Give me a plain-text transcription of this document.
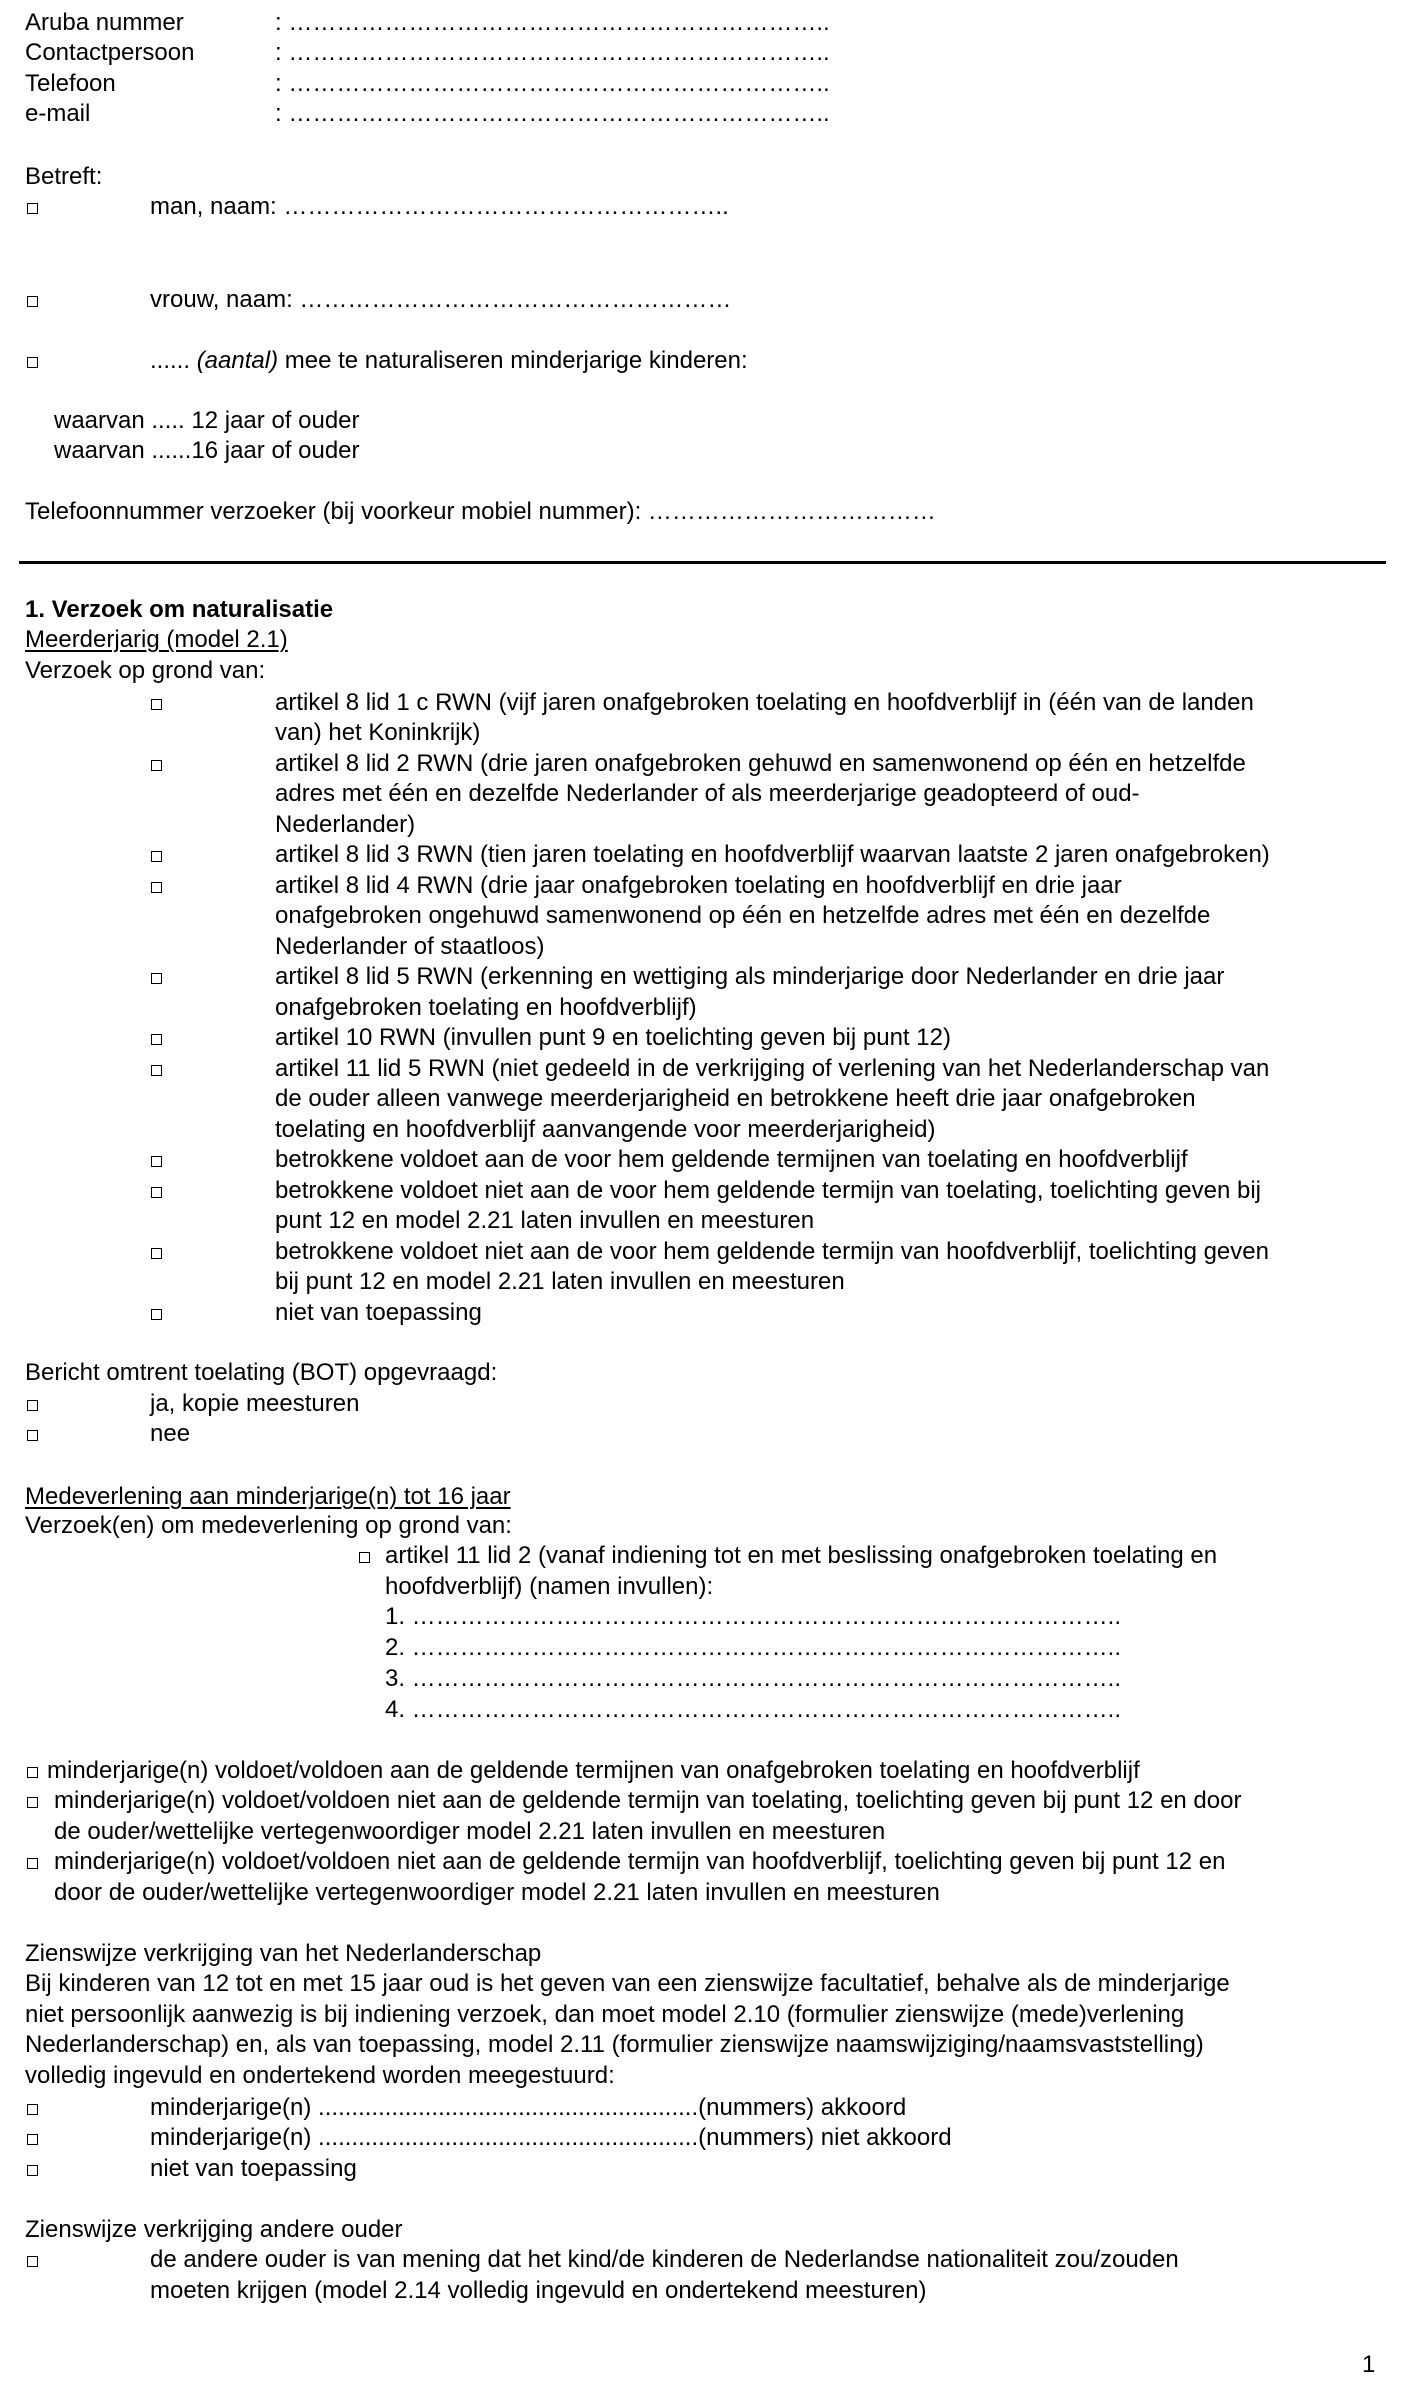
Aruba nummer	: …………………………………………………………..
Contactpersoon	: …………………………………………………………..
Telefoon	: …………………………………………………………..
e-mail	: …………………………………………………………..
Betreft:
man, naam: ………………………………………………..
vrouw, naam: ………………………………………………
...... (aantal) mee te naturaliseren minderjarige kinderen:
waarvan ..... 12 jaar of ouder
waarvan ......16 jaar of ouder
Telefoonnummer verzoeker (bij voorkeur mobiel nummer): ………………………………
1. Verzoek om naturalisatie
Meerderjarig (model 2.1)
Verzoek op grond van:
artikel 8 lid 1 c RWN (vijf jaren onafgebroken toelating en hoofdverblijf in (één van de landen
van) het Koninkrijk)
artikel 8 lid 2 RWN (drie jaren onafgebroken gehuwd en samenwonend op één en hetzelfde
adres met één en dezelfde Nederlander of als meerderjarige geadopteerd of oud-
Nederlander)
artikel 8 lid 3 RWN (tien jaren toelating en hoofdverblijf waarvan laatste 2 jaren onafgebroken)
artikel 8 lid 4 RWN (drie jaar onafgebroken toelating en hoofdverblijf en drie jaar
onafgebroken ongehuwd samenwonend op één en hetzelfde adres met één en dezelfde
Nederlander of staatloos)
artikel 8 lid 5 RWN (erkenning en wettiging als minderjarige door Nederlander en drie jaar
onafgebroken toelating en hoofdverblijf)
artikel 10 RWN (invullen punt 9 en toelichting geven bij punt 12)
artikel 11 lid 5 RWN (niet gedeeld in de verkrijging of verlening van het Nederlanderschap van
de ouder alleen vanwege meerderjarigheid en betrokkene heeft drie jaar onafgebroken
toelating en hoofdverblijf aanvangende voor meerderjarigheid)
betrokkene voldoet aan de voor hem geldende termijnen van toelating en hoofdverblijf
betrokkene voldoet niet aan de voor hem geldende termijn van toelating, toelichting geven bij
punt 12 en model 2.21 laten invullen en meesturen
betrokkene voldoet niet aan de voor hem geldende termijn van hoofdverblijf, toelichting geven
bij punt 12 en model 2.21 laten invullen en meesturen
niet van toepassing
Bericht omtrent toelating (BOT) opgevraagd:
ja, kopie meesturen
nee
Medeverlening aan minderjarige(n) tot 16 jaar
Verzoek(en) om medeverlening op grond van:
artikel 11 lid 2 (vanaf indiening tot en met beslissing onafgebroken toelating en
hoofdverblijf) (namen invullen):
1. ……………………………………………………………………………..
2. ……………………………………………………………………………..
3. ……………………………………………………………………………..
4. ……………………………………………………………………………..
minderjarige(n) voldoet/voldoen aan de geldende termijnen van onafgebroken toelating en hoofdverblijf
minderjarige(n) voldoet/voldoen niet aan de geldende termijn van toelating, toelichting geven bij punt 12 en door
de ouder/wettelijke vertegenwoordiger model 2.21 laten invullen en meesturen
minderjarige(n) voldoet/voldoen niet aan de geldende termijn van hoofdverblijf, toelichting geven bij punt 12 en
door de ouder/wettelijke vertegenwoordiger model 2.21 laten invullen en meesturen
Zienswijze verkrijging van het Nederlanderschap
Bij kinderen van 12 tot en met 15 jaar oud is het geven van een zienswijze facultatief, behalve als de minderjarige
niet persoonlijk aanwezig is bij indiening verzoek, dan moet model 2.10 (formulier zienswijze (mede)verlening
Nederlanderschap) en, als van toepassing, model 2.11 (formulier zienswijze naamswijziging/naamsvaststelling)
volledig ingevuld en ondertekend worden meegestuurd:
minderjarige(n) .........................................................(nummers) akkoord
minderjarige(n) .........................................................(nummers) niet akkoord
niet van toepassing
Zienswijze verkrijging andere ouder
de andere ouder is van mening dat het kind/de kinderen de Nederlandse nationaliteit zou/zouden
moeten krijgen (model 2.14 volledig ingevuld en ondertekend meesturen)
1
